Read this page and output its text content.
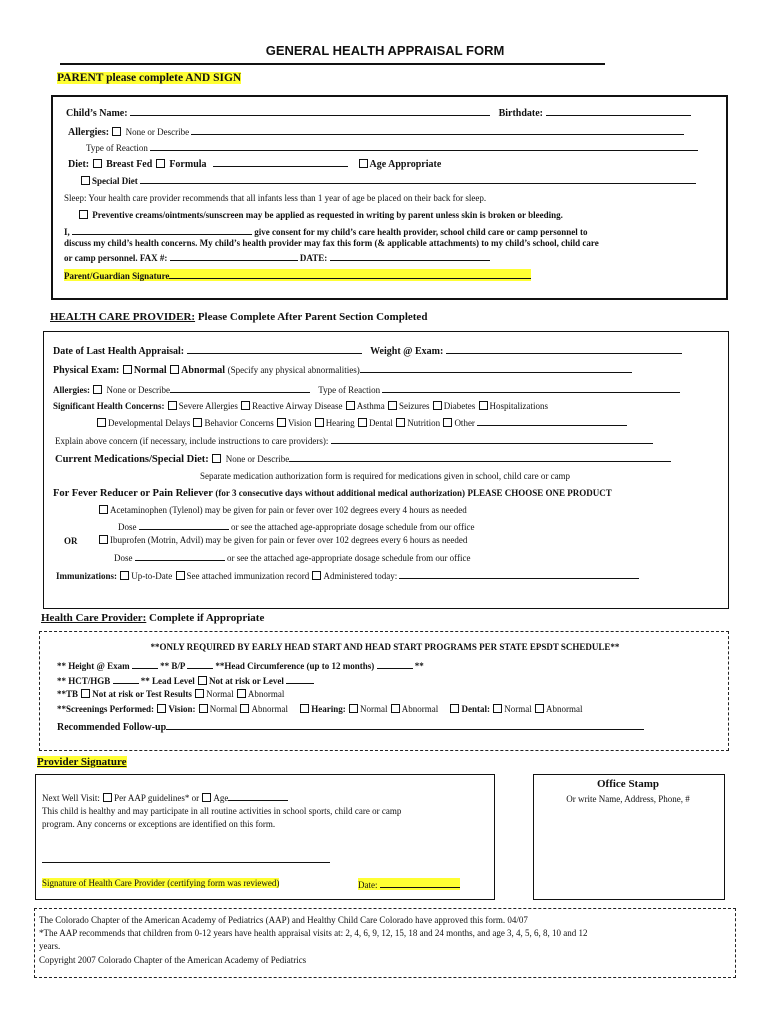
GENERAL HEALTH APPRAISAL FORM
PARENT please complete AND SIGN
Child’s Name:	Birthdate:
Allergies: None or Describe
Type of Reaction
Diet: Breast Fed Formula	Age Appropriate
Special Diet
Sleep: Your health care provider recommends that all infants less than 1 year of age be placed on their back for sleep.
Preventive creams/ointments/sunscreen may be applied as requested in writing by parent unless skin is broken or bleeding.
I,	give consent for my child’s care health provider, school child care or camp personnel to
discuss my child’s health concerns. My child’s health provider may fax this form (& applicable attachments) to my child’s school, child care
or camp personnel. FAX #:	DATE:
Parent/Guardian Signature
HEALTH CARE PROVIDER: Please Complete After Parent Section Completed
Date of Last Health Appraisal:	Weight @ Exam:
Physical Exam: Normal Abnormal (Specify any physical abnormalities)
Allergies: None or Describe	Type of Reaction
Significant Health Concerns: Severe Allergies Reactive Airway Disease Asthma Seizures Diabetes Hospitalizations
Developmental Delays Behavior Concerns Vision Hearing Dental Nutrition Other
Explain above concern (if necessary, include instructions to care providers):
Current Medications/Special Diet: None or Describe
Separate medication authorization form is required for medications given in school, child care or camp
For Fever Reducer or Pain Reliever (for 3 consecutive days without additional medical authorization) PLEASE CHOOSE ONE PRODUCT
Acetaminophen (Tylenol) may be given for pain or fever over 102 degrees every 4 hours as needed
Dose	or see the attached age-appropriate dosage schedule from our office
OR	Ibuprofen (Motrin, Advil) may be given for pain or fever over 102 degrees every 6 hours as needed
Dose	or see the attached age-appropriate dosage schedule from our office
Immunizations: Up-to-Date See attached immunization record Administered today:
Health Care Provider: Complete if Appropriate
**ONLY REQUIRED BY EARLY HEAD START AND HEAD START PROGRAMS PER STATE EPSDT SCHEDULE**
** Height @ Exam	** B/P	**Head Circumference (up to 12 months)	**
** HCT/HGB	** Lead Level Not at risk or Level
**TB Not at risk or Test Results Normal Abnormal
**Screenings Performed: Vision: Normal Abnormal	Hearing: Normal Abnormal	Dental: Normal Abnormal
Recommended Follow-up
Provider Signature
Next Well Visit: Per AAP guidelines* or Age
This child is healthy and may participate in all routine activities in school sports, child care or camp
program. Any concerns or exceptions are identified on this form.
Signature of Health Care Provider (certifying form was reviewed)	Date:
Office Stamp
Or write Name, Address, Phone, #
The Colorado Chapter of the American Academy of Pediatrics (AAP) and Healthy Child Care Colorado have approved this form. 04/07
*The AAP recommends that children from 0-12 years have health appraisal visits at: 2, 4, 6, 9, 12, 15, 18 and 24 months, and age 3, 4, 5, 6, 8, 10 and 12
years.
Copyright 2007 Colorado Chapter of the American Academy of Pediatrics
